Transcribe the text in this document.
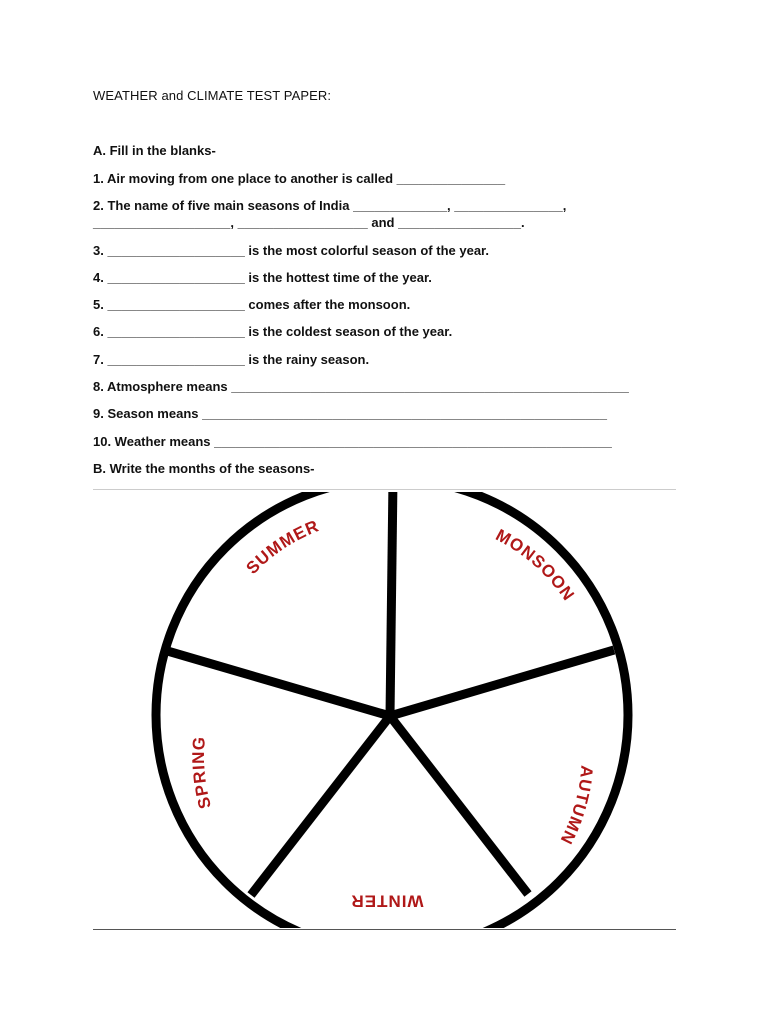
WEATHER and CLIMATE TEST PAPER:
A. Fill in the blanks-
1. Air moving from one place to another is called _______________
2. The name of five main seasons of India _____________, _______________,
___________________, __________________ and _________________.
3. ___________________ is the most colorful season of the year.
4. ___________________ is the hottest time of the year.
5. ___________________ comes after the monsoon.
6. ___________________ is the coldest season of the year.
7. ___________________ is the rainy season.
8. Atmosphere means _______________________________________________________
9. Season means ________________________________________________________
10. Weather means _______________________________________________________
B. Write the months of the seasons-
SUMMER	MONSOON
AUTUMN
SPRING
WINTER
